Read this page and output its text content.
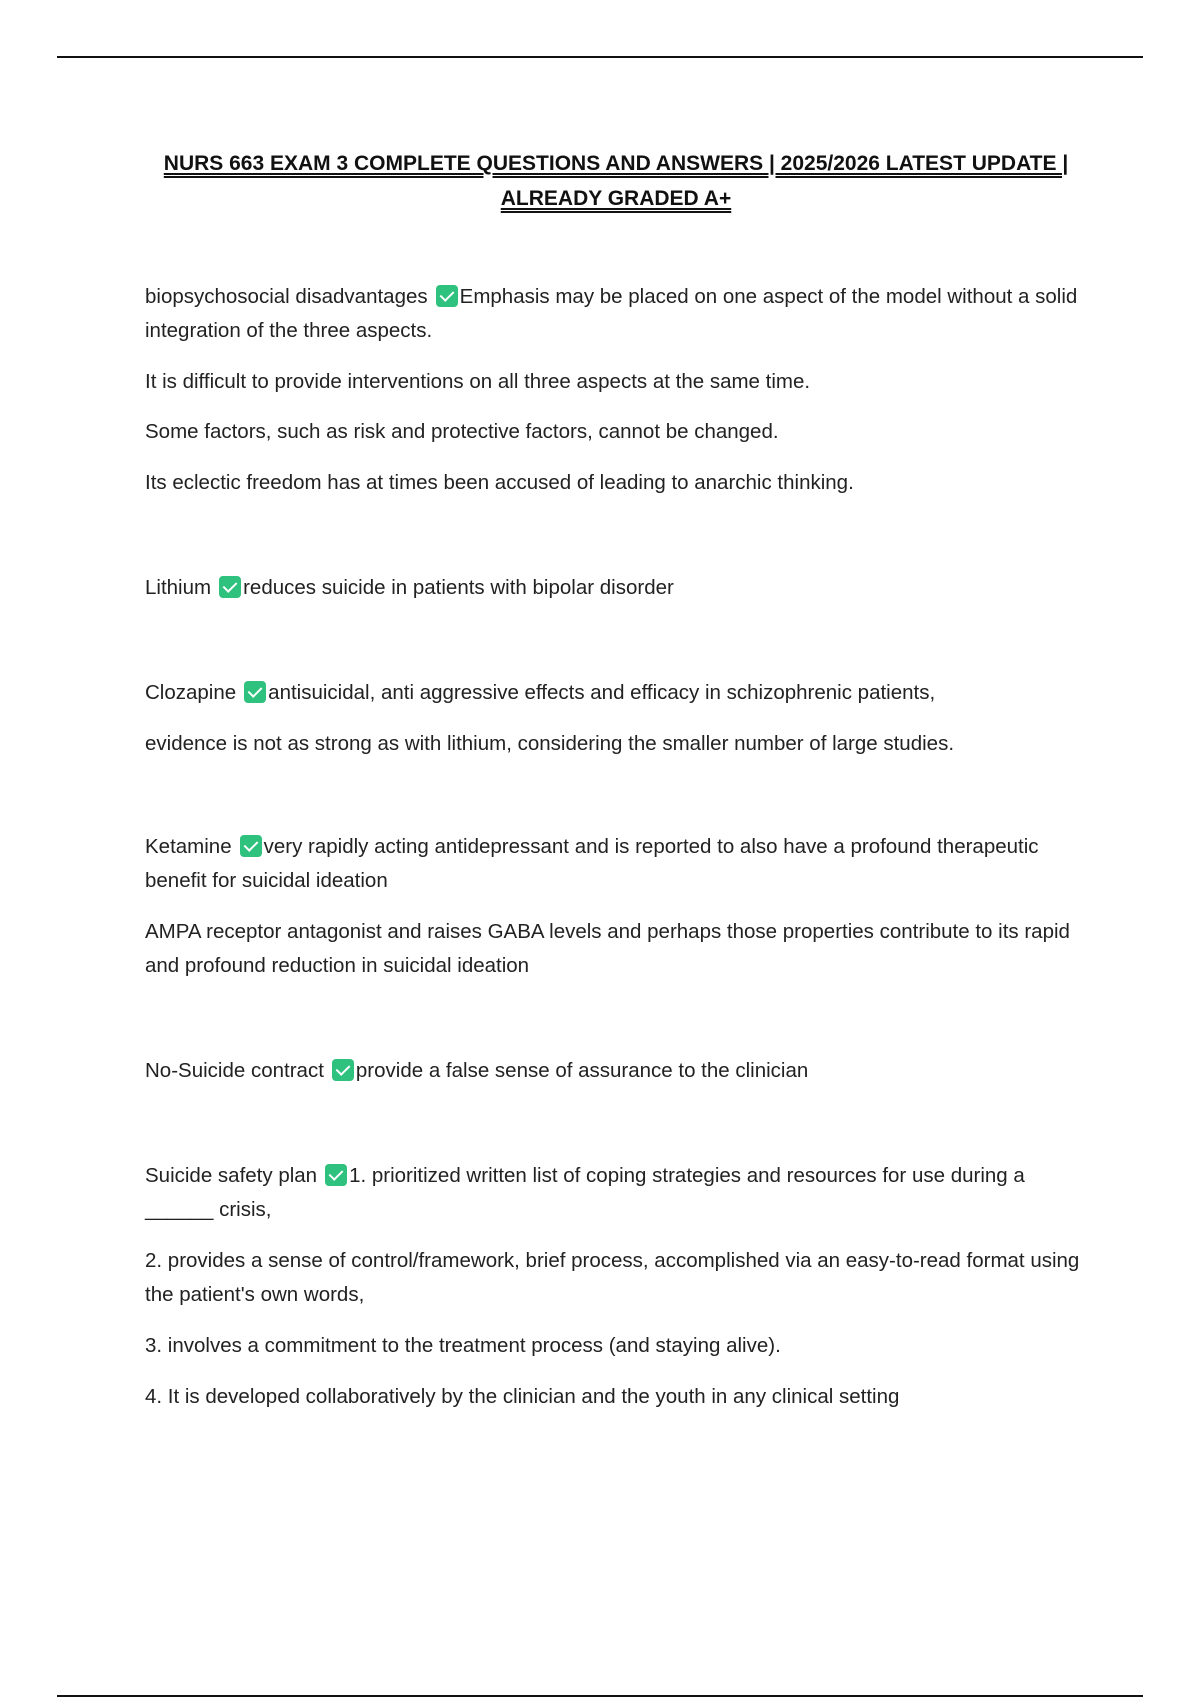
NURS 663 EXAM 3 COMPLETE QUESTIONS AND ANSWERS | 2025/2026 LATEST UPDATE |
ALREADY GRADED A+

biopsychosocial disadvantages Emphasis may be placed on one aspect of the model without a solid integration of the three aspects.

It is difficult to provide interventions on all three aspects at the same time.

Some factors, such as risk and protective factors, cannot be changed.

Its eclectic freedom has at times been accused of leading to anarchic thinking.

Lithium reduces suicide in patients with bipolar disorder

Clozapine antisuicidal, anti aggressive effects and efficacy in schizophrenic patients,

evidence is not as strong as with lithium, considering the smaller number of large studies.

Ketamine very rapidly acting antidepressant and is reported to also have a profound therapeutic benefit for suicidal ideation

AMPA receptor antagonist and raises GABA levels and perhaps those properties contribute to its rapid and profound reduction in suicidal ideation

No-Suicide contract provide a false sense of assurance to the clinician

Suicide safety plan 1. prioritized written list of coping strategies and resources for use during a ______ crisis,

2. provides a sense of control/framework, brief process, accomplished via an easy-to-read format using the patient's own words,

3. involves a commitment to the treatment process (and staying alive).

4. It is developed collaboratively by the clinician and the youth in any clinical setting
